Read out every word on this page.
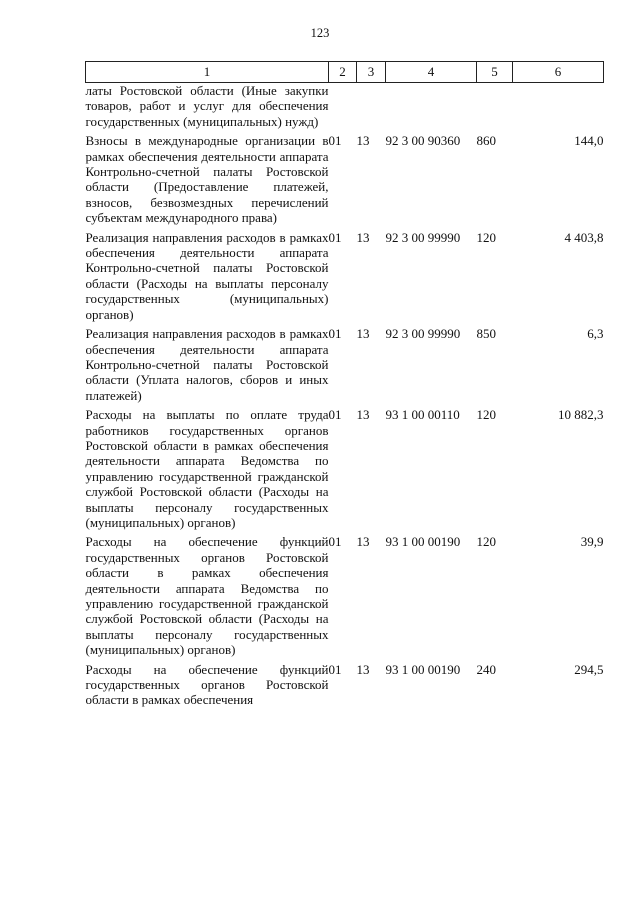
123
1	2	3	4	5	6
латы Ростовской области (Иные закупки товаров, работ и услуг для обеспечения государственных (муниципальных) нужд)					
Взносы в международные организации в рамках обеспечения деятельности аппарата Контрольно-счетной палаты Ростовской области (Предоставление платежей, взносов, безвозмездных перечислений субъектам международного права)	01	13	92 3 00 90360	860	144,0
Реализация направления расходов в рамках обеспечения деятельности аппарата Контрольно-счетной палаты Ростовской области (Расходы на выплаты персоналу государственных (муниципальных) органов)	01	13	92 3 00 99990	120	4 403,8
Реализация направления расходов в рамках обеспечения деятельности аппарата Контрольно-счетной палаты Ростовской области (Уплата налогов, сборов и иных платежей)	01	13	92 3 00 99990	850	6,3
Расходы на выплаты по оплате труда работников государственных органов Ростовской области в рамках обеспечения деятельности аппарата Ведомства по управлению государственной гражданской службой Ростовской области (Расходы на выплаты персоналу государственных (муниципальных) органов)	01	13	93 1 00 00110	120	10 882,3
Расходы на обеспечение функций государственных органов Ростовской области в рамках обеспечения деятельности аппарата Ведомства по управлению государственной гражданской службой Ростовской области (Расходы на выплаты персоналу государственных (муниципальных) органов)	01	13	93 1 00 00190	120	39,9
Расходы на обеспечение функций государственных органов Ростовской области в рамках обеспечения	01	13	93 1 00 00190	240	294,5
